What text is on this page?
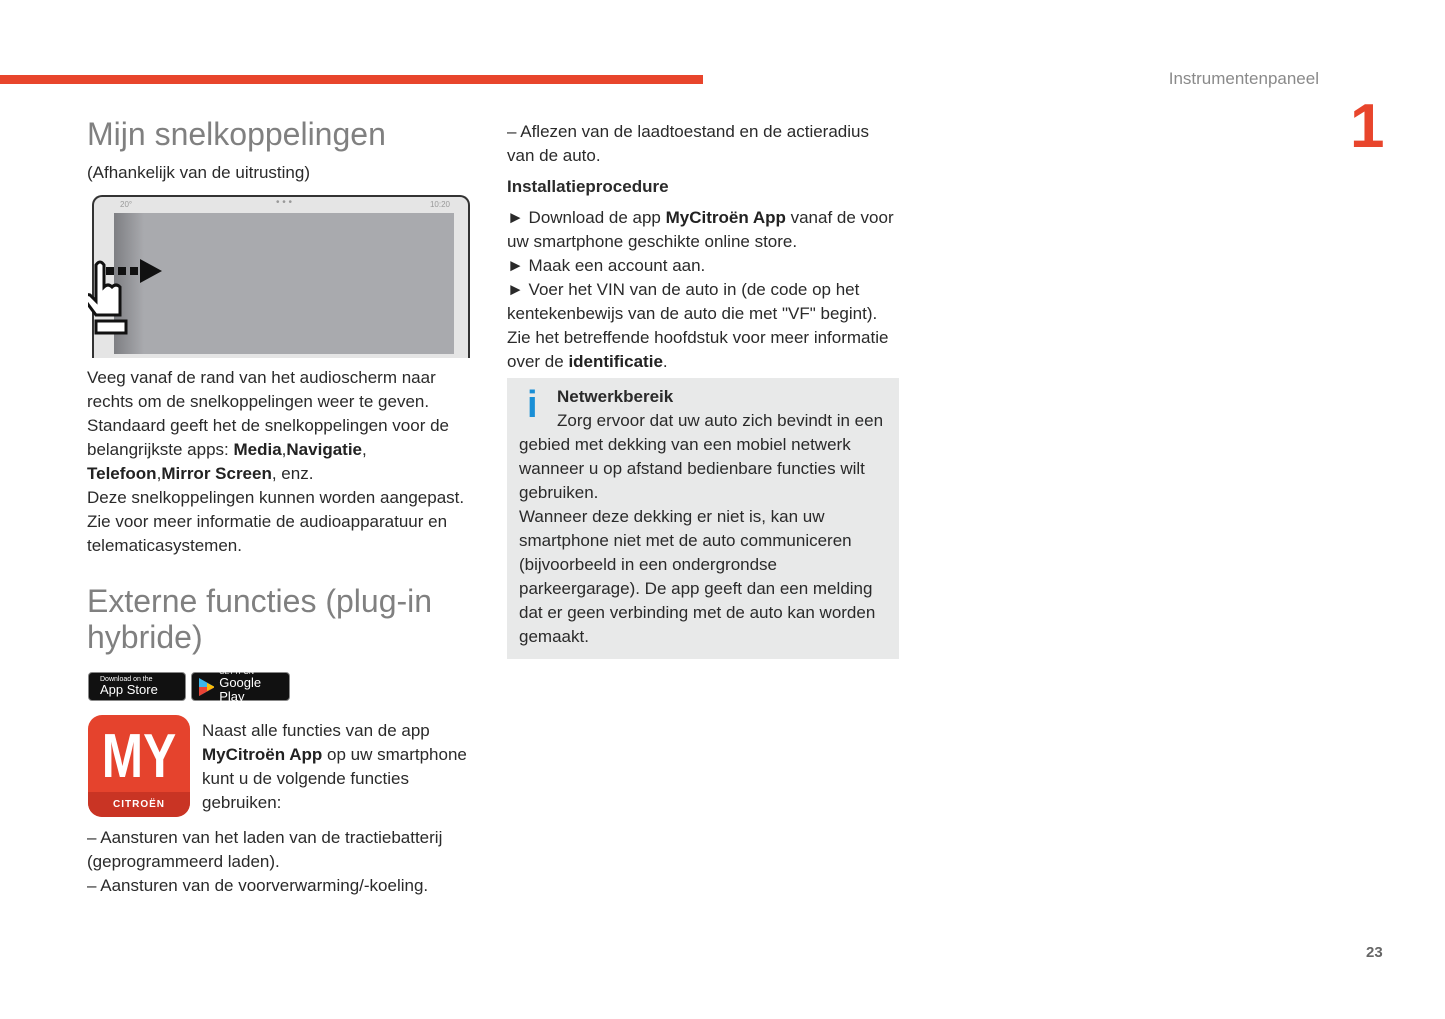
Instrumentenpaneel
1
Mijn snelkoppelingen
(Afhankelijk van de uitrusting)
20°	• • •	10:20
Veeg vanaf de rand van het audioscherm naar rechts om de snelkoppelingen weer te geven. Standaard geeft het de snelkoppelingen voor de belangrijkste apps: Media,Navigatie, Telefoon,Mirror Screen, enz.
Deze snelkoppelingen kunnen worden aangepast. Zie voor meer informatie de audioapparatuur en telematicasystemen.
Externe functies (plug-in hybride)
Download on the
App Store
GET IT ON
Google Play
MY
CITROËN
Naast alle functies van de app MyCitroën App op uw smartphone kunt u de volgende functies gebruiken:
– Aansturen van het laden van de tractiebatterij (geprogrammeerd laden).
– Aansturen van de voorverwarming/-koeling.
– Aflezen van de laadtoestand en de actieradius van de auto.
Installatieprocedure
► Download de app MyCitroën App vanaf de voor uw smartphone geschikte online store.
► Maak een account aan.
► Voer het VIN van de auto in (de code op het kentekenbewijs van de auto die met "VF" begint). Zie het betreffende hoofdstuk voor meer informatie over de identificatie.
i	Netwerkbereik
Zorg ervoor dat uw auto zich bevindt in een gebied met dekking van een mobiel netwerk wanneer u op afstand bedienbare functies wilt gebruiken.
Wanneer deze dekking er niet is, kan uw smartphone niet met de auto communiceren (bijvoorbeeld in een ondergrondse parkeergarage). De app geeft dan een melding dat er geen verbinding met de auto kan worden gemaakt.
23
